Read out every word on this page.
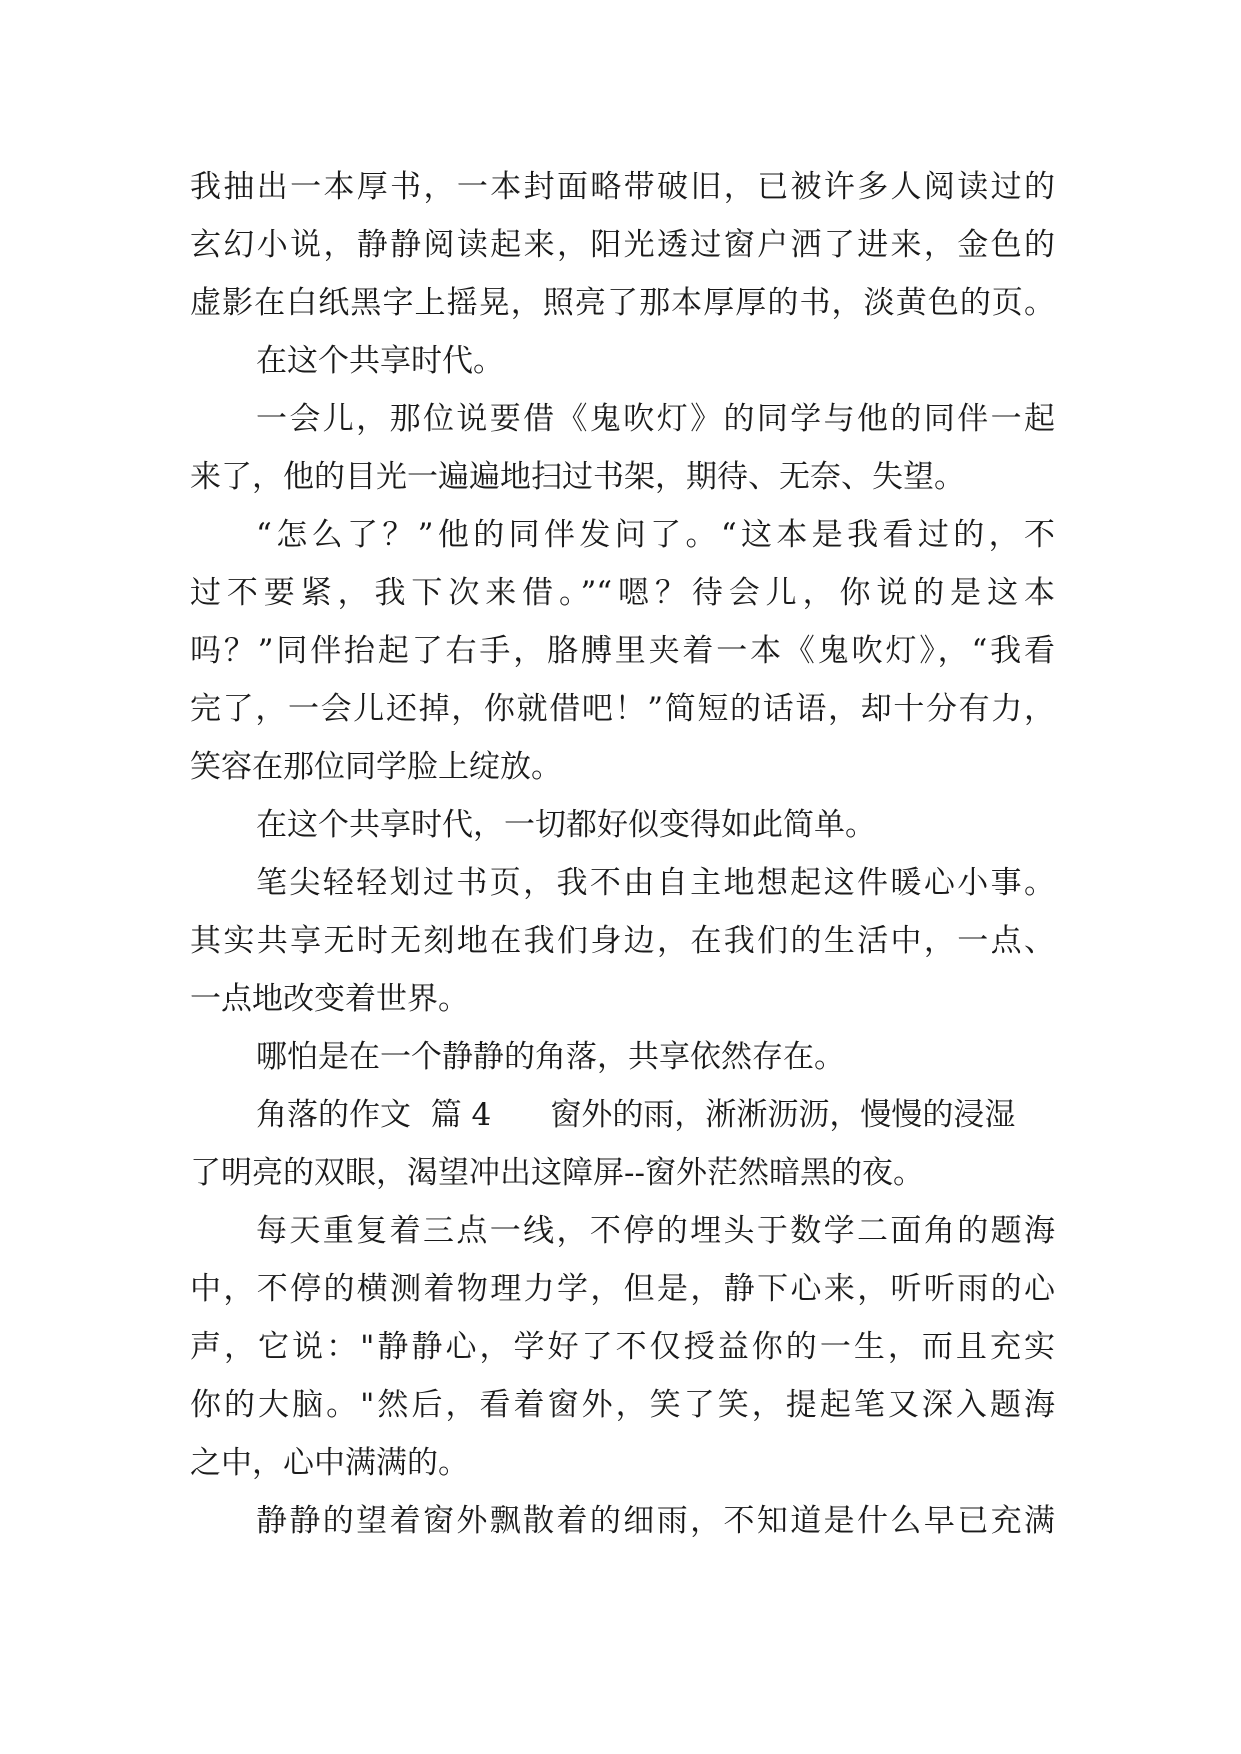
我抽出一本厚书，一本封面略带破旧，已被许多人阅读过的
玄幻小说，静静阅读起来，阳光透过窗户洒了进来，金色的
虚影在白纸黑字上摇晃，照亮了那本厚厚的书，淡黄色的页。
在这个共享时代。
一会儿，那位说要借《鬼吹灯》的同学与他的同伴一起
来了，他的目光一遍遍地扫过书架，期待、无奈、失望。
“怎么了？”他的同伴发问了。“这本是我看过的，不
过不要紧，我下次来借。”“嗯？待会儿，你说的是这本
吗？”同伴抬起了右手，胳膊里夹着一本《鬼吹灯》，“我看
完了，一会儿还掉，你就借吧！”简短的话语，却十分有力，
笑容在那位同学脸上绽放。
在这个共享时代，一切都好似变得如此简单。
笔尖轻轻划过书页，我不由自主地想起这件暖心小事。
其实共享无时无刻地在我们身边，在我们的生活中，一点、
一点地改变着世界。
哪怕是在一个静静的角落，共享依然存在。
角落的作文  篇 4      窗外的雨，淅淅沥沥，慢慢的浸湿
了明亮的双眼，渴望冲出这障屏--窗外茫然暗黑的夜。
每天重复着三点一线，不停的埋头于数学二面角的题海
中，不停的横测着物理力学，但是，静下心来，听听雨的心
声，它说："静静心，学好了不仅授益你的一生，而且充实
你的大脑。"然后，看着窗外，笑了笑，提起笔又深入题海
之中，心中满满的。
静静的望着窗外飘散着的细雨，不知道是什么早已充满
